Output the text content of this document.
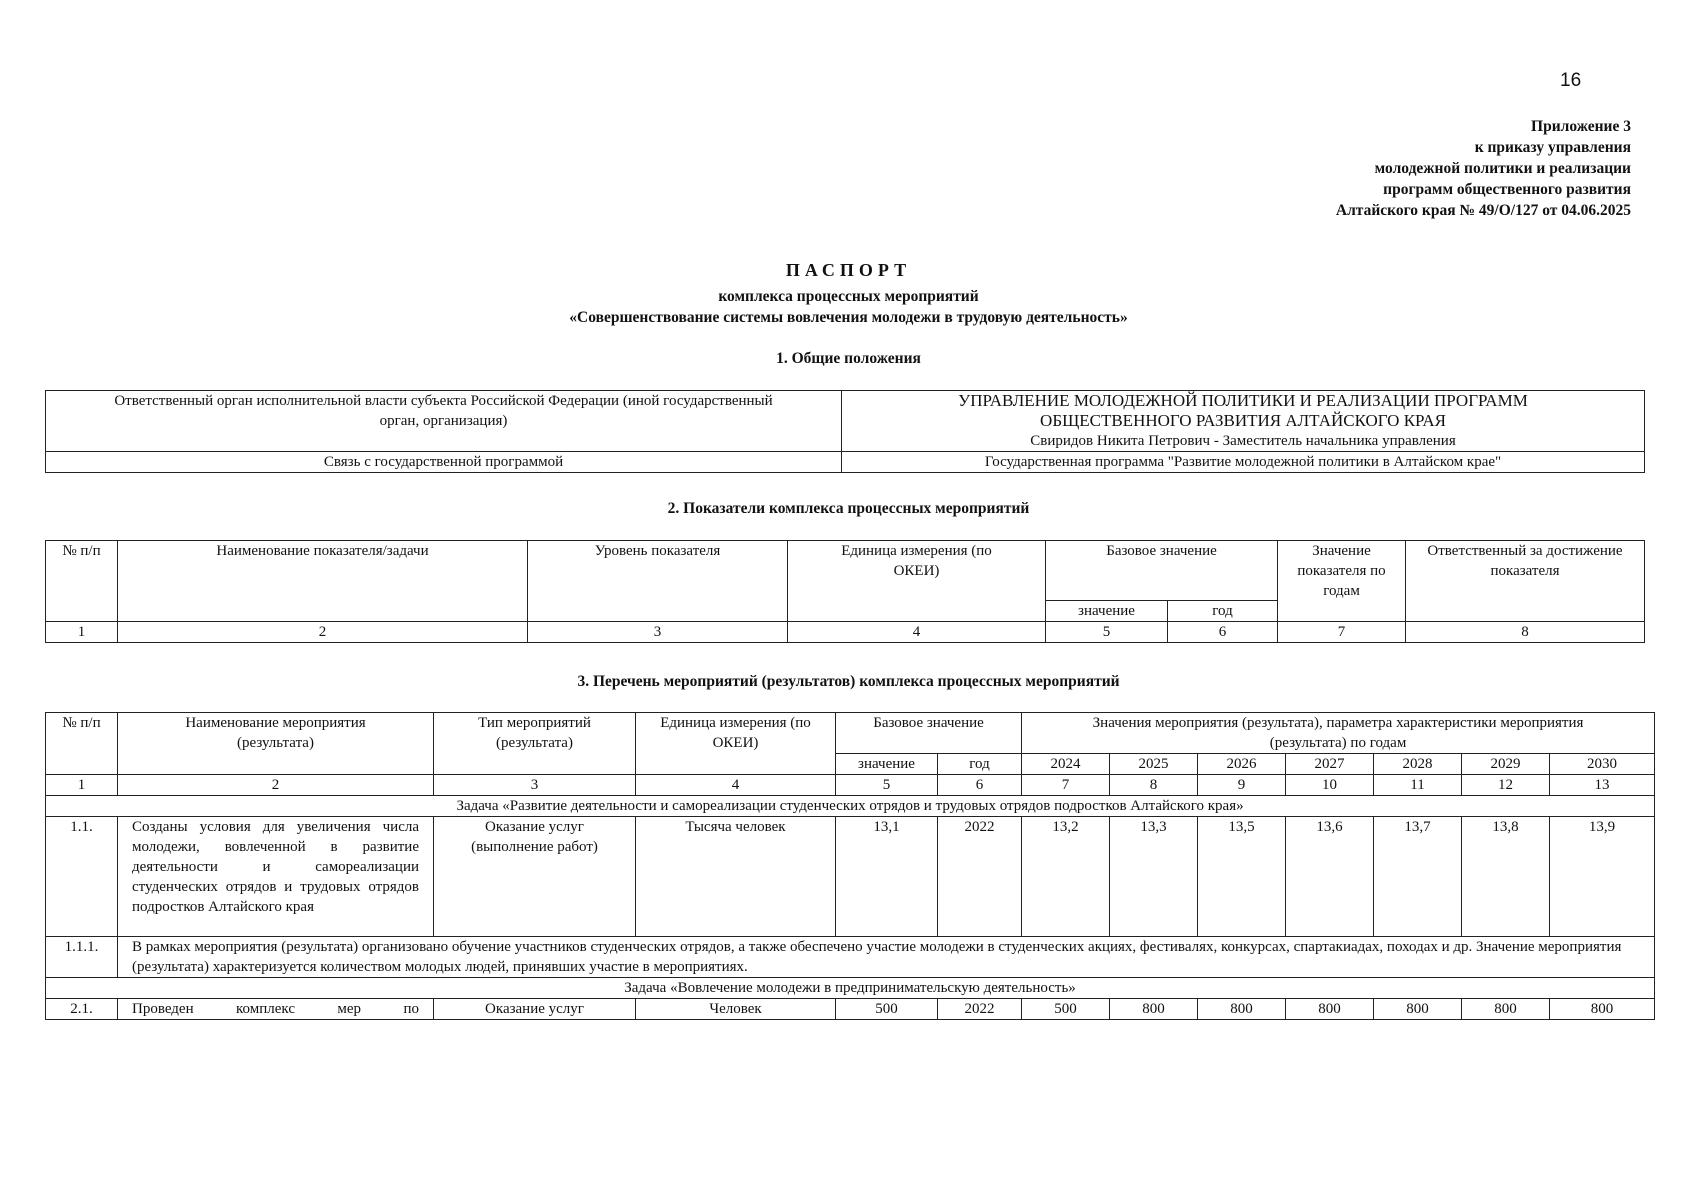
16
Приложение 3
к приказу управления
молодежной политики и реализации
программ общественного развития
Алтайского края № 49/О/127 от 04.06.2025
ПАСПОРТ
комплекса процессных мероприятий
«Совершенствование системы вовлечения молодежи в трудовую деятельность»
1. Общие положения
Ответственный орган исполнительной власти субъекта Российской Федерации (иной государственный орган, организация)	УПРАВЛЕНИЕ МОЛОДЕЖНОЙ ПОЛИТИКИ И РЕАЛИЗАЦИИ ПРОГРАММ
ОБЩЕСТВЕННОГО РАЗВИТИЯ АЛТАЙСКОГО КРАЯ
Свиридов Никита Петрович - Заместитель начальника управления

Связь с государственной программой	Государственная программа "Развитие молодежной политики в Алтайском крае"
2. Показатели комплекса процессных мероприятий
№ п/п	Наименование показателя/задачи	Уровень показателя	Единица измерения (по ОКЕИ)	Базовое значение		Значение показателя по годам	Ответственный за достижение показателя
				значение	год		
1	2	3	4	5	6	7	8
3. Перечень мероприятий (результатов) комплекса процессных мероприятий
№ п/п	Наименование мероприятия (результата)	Тип мероприятий (результата)	Единица измерения (по ОКЕИ)	Базовое значение		Значения мероприятия (результата), параметра характеристики мероприятия (результата) по годам						
				значение	год	2024	2025	2026	2027	2028	2029	2030
1	2	3	4	5	6	7	8	9	10	11	12	13
Задача «Развитие деятельности и самореализации студенческих отрядов и трудовых отрядов подростков Алтайского края»												
1.1.	Созданы условия для увеличения числа молодежи, вовлеченной в развитие деятельности и самореализации студенческих отрядов и трудовых отрядов подростков Алтайского края	Оказание услуг (выполнение работ)	Тысяча человек	13,1	2022	13,2	13,3	13,5	13,6	13,7	13,8	13,9
1.1.1.	В рамках мероприятия (результата) организовано обучение участников студенческих отрядов, а также обеспечено участие молодежи в студенческих акциях, фестивалях, конкурсах, спартакиадах, походах и др. Значение мероприятия (результата) характеризуется количеством молодых людей, принявших участие в мероприятиях.											
Задача «Вовлечение молодежи в предпринимательскую деятельность»												
2.1.	Проведен комплекс мер по	Оказание услуг	Человек	500	2022	500	800	800	800	800	800	800
